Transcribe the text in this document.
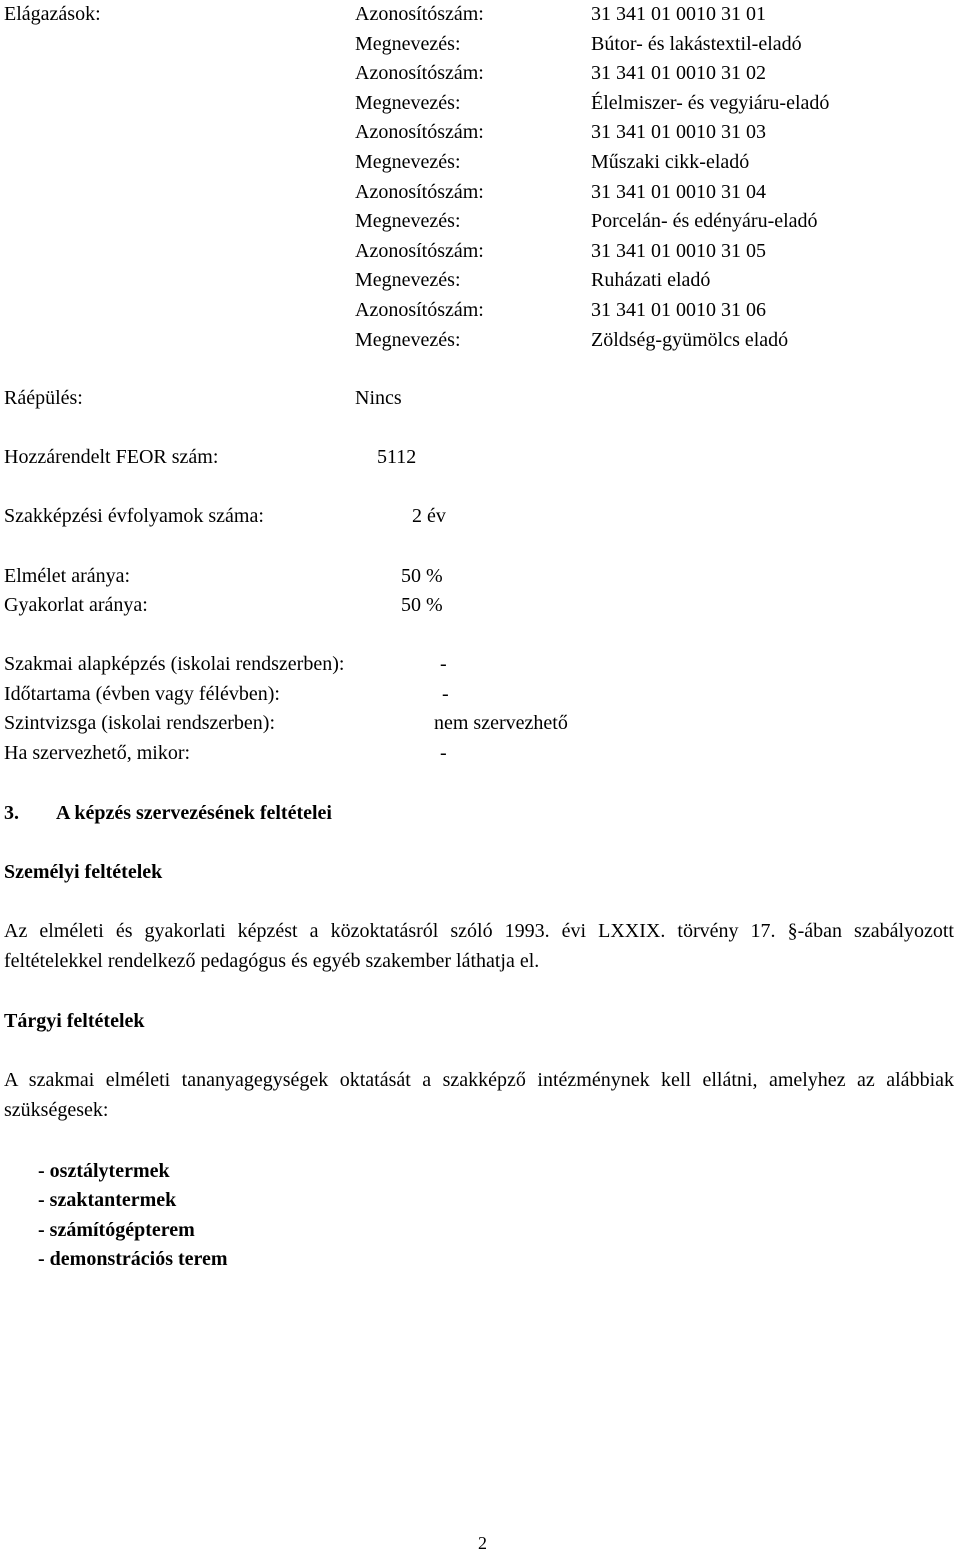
Elágazások:	Azonosítószám:	31 341 01 0010 31 01
Megnevezés:	Bútor- és lakástextil-eladó
Azonosítószám:	31 341 01 0010 31 02
Megnevezés:	Élelmiszer- és vegyiáru-eladó
Azonosítószám:	31 341 01 0010 31 03
Megnevezés:	Műszaki cikk-eladó
Azonosítószám:	31 341 01 0010 31 04
Megnevezés:	Porcelán- és edényáru-eladó
Azonosítószám:	31 341 01 0010 31 05
Megnevezés:	Ruházati eladó
Azonosítószám:	31 341 01 0010 31 06
Megnevezés:	Zöldség-gyümölcs eladó
Ráépülés:	Nincs
Hozzárendelt FEOR szám:	5112
Szakképzési évfolyamok száma:	2 év
Elmélet aránya:	50 %
Gyakorlat aránya:	50 %
Szakmai alapképzés (iskolai rendszerben):	-
Időtartama (évben vagy félévben):	-
Szintvizsga (iskolai rendszerben):	nem szervezhető
Ha szervezhető, mikor:	-
3. A képzés szervezésének feltételei
Személyi feltételek
Az elméleti és gyakorlati képzést a közoktatásról szóló 1993. évi LXXIX. törvény 17. §-ában szabályozott feltételekkel rendelkező pedagógus és egyéb szakember láthatja el.
Tárgyi feltételek
A szakmai elméleti tananyagegységek oktatását a szakképző intézménynek kell ellátni, amelyhez az alábbiak szükségesek:
- osztálytermek
- szaktantermek
- számítógépterem
- demonstrációs terem
2
